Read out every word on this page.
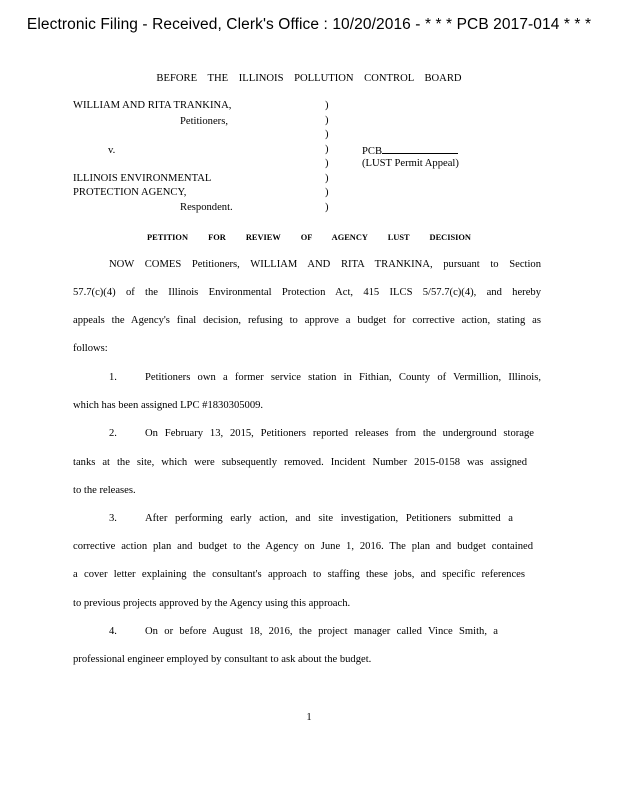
Electronic Filing - Received, Clerk's Office : 10/20/2016 - * * * PCB 2017-014 * * *
BEFORE THE ILLINOIS POLLUTION CONTROL BOARD
WILLIAM AND RITA TRANKINA,
Petitioners,
v.
ILLINOIS ENVIRONMENTAL
PROTECTION AGENCY,
Respondent.
)
)
)
)
)
)
)
)
PCB
(LUST Permit Appeal)
PETITION FOR REVIEW OF AGENCY LUST DECISION
NOW COMES Petitioners, WILLIAM AND RITA TRANKINA, pursuant to Section
57.7(c)(4) of the Illinois Environmental Protection Act, 415 ILCS 5/57.7(c)(4), and hereby
appeals the Agency's final decision, refusing to approve a budget for corrective action, stating as
follows:
1.	Petitioners own a former service station in Fithian, County of Vermillion, Illinois,
which has been assigned LPC #1830305009.
2.	On February 13, 2015, Petitioners reported releases from the underground storage
tanks at the site, which were subsequently removed. Incident Number 2015-0158 was assigned
to the releases.
3.	After performing early action, and site investigation, Petitioners submitted a
corrective action plan and budget to the Agency on June 1, 2016. The plan and budget contained
a cover letter explaining the consultant's approach to staffing these jobs, and specific references
to previous projects approved by the Agency using this approach.
4.	On or before August 18, 2016, the project manager called Vince Smith, a
professional engineer employed by consultant to ask about the budget.
1
